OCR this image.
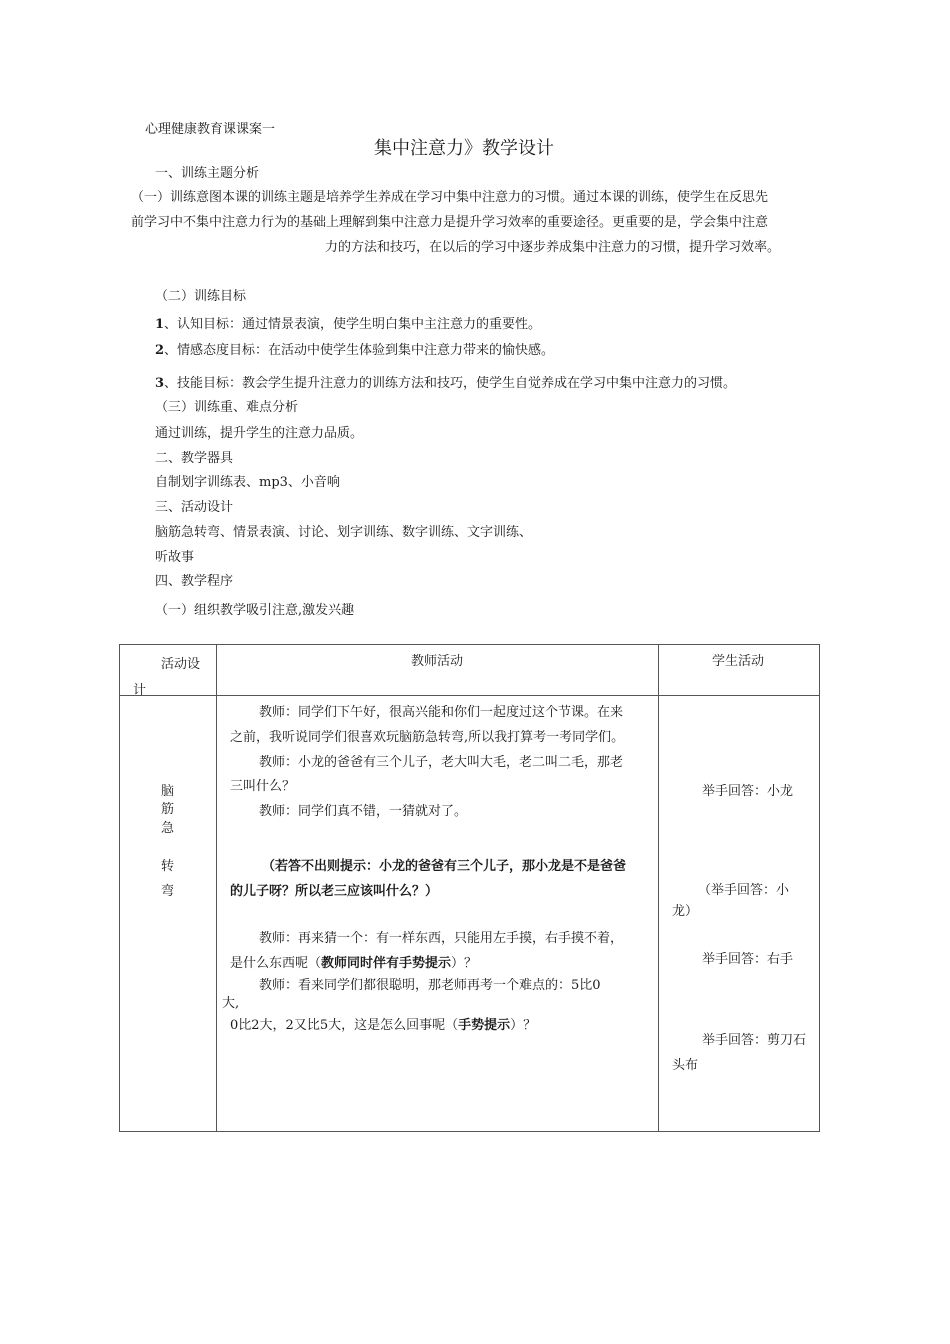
心理健康教育课课案一
集中注意力》教学设计
一、训练主题分析
（一）训练意图本课的训练主题是培养学生养成在学习中集中注意力的习惯。通过本课的训练，使学生在反思先
前学习中不集中注意力行为的基础上理解到集中注意力是提升学习效率的重要途径。更重要的是，学会集中注意
力的方法和技巧，在以后的学习中逐步养成集中注意力的习惯，提升学习效率。
（二）训练目标
1、认知目标：通过情景表演，使学生明白集中主注意力的重要性。
2、情感态度目标：在活动中使学生体验到集中注意力带来的愉快感。
3、技能目标：教会学生提升注意力的训练方法和技巧，使学生自觉养成在学习中集中注意力的习惯。
（三）训练重、难点分析
通过训练，提升学生的注意力品质。
二、教学器具
自制划字训练表、mp3、小音响
三、活动设计
脑筋急转弯、情景表演、讨论、划字训练、数字训练、文字训练、
听故事
四、教学程序
（一）组织教学吸引注意,激发兴趣
活动设
计
教师活动	学生活动
脑
筋
急
转
弯
教师：同学们下午好，很高兴能和你们一起度过这个节课。在来
之前，我听说同学们很喜欢玩脑筋急转弯,所以我打算考一考同学们。
教师：小龙的爸爸有三个儿子，老大叫大毛，老二叫二毛，那老
三叫什么？
教师：同学们真不错，一猜就对了。
（若答不出则提示：小龙的爸爸有三个儿子，那小龙是不是爸爸
的儿子呀？所以老三应该叫什么？）
教师：再来猜一个：有一样东西，只能用左手摸，右手摸不着，
是什么东西呢（教师同时伴有手势提示）？
教师：看来同学们都很聪明，那老师再考一个难点的：5比0
大,
0比2大，2又比5大，这是怎么回事呢（手势提示）？
举手回答：小龙
（举手回答：小
龙）
举手回答：右手
举手回答：剪刀石
头布
